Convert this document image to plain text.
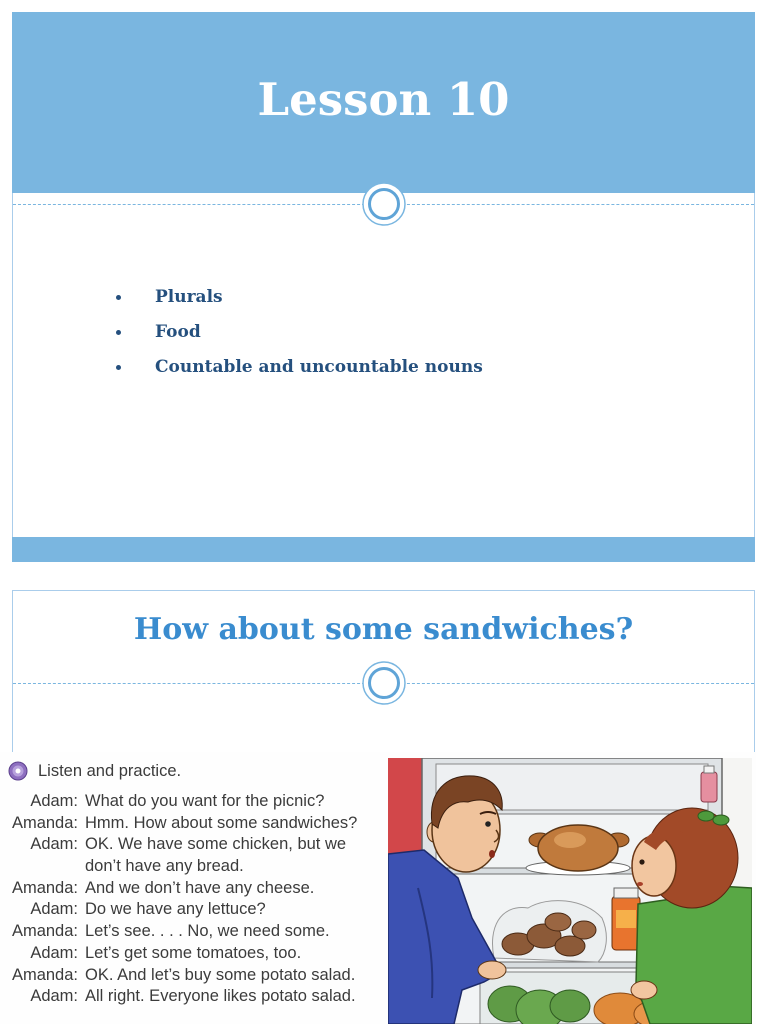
Lesson 10
Plurals
Food
Countable and uncountable nouns
How about some sandwiches?
Listen and practice.
Adam: What do you want for the picnic?
Amanda: Hmm. How about some sandwiches?
Adam: OK. We have some chicken, but we
don’t have any bread.
Amanda: And we don’t have any cheese.
Adam: Do we have any lettuce?
Amanda: Let’s see. . . . No, we need some.
Adam: Let’s get some tomatoes, too.
Amanda: OK. And let’s buy some potato salad.
Adam: All right. Everyone likes potato salad.
